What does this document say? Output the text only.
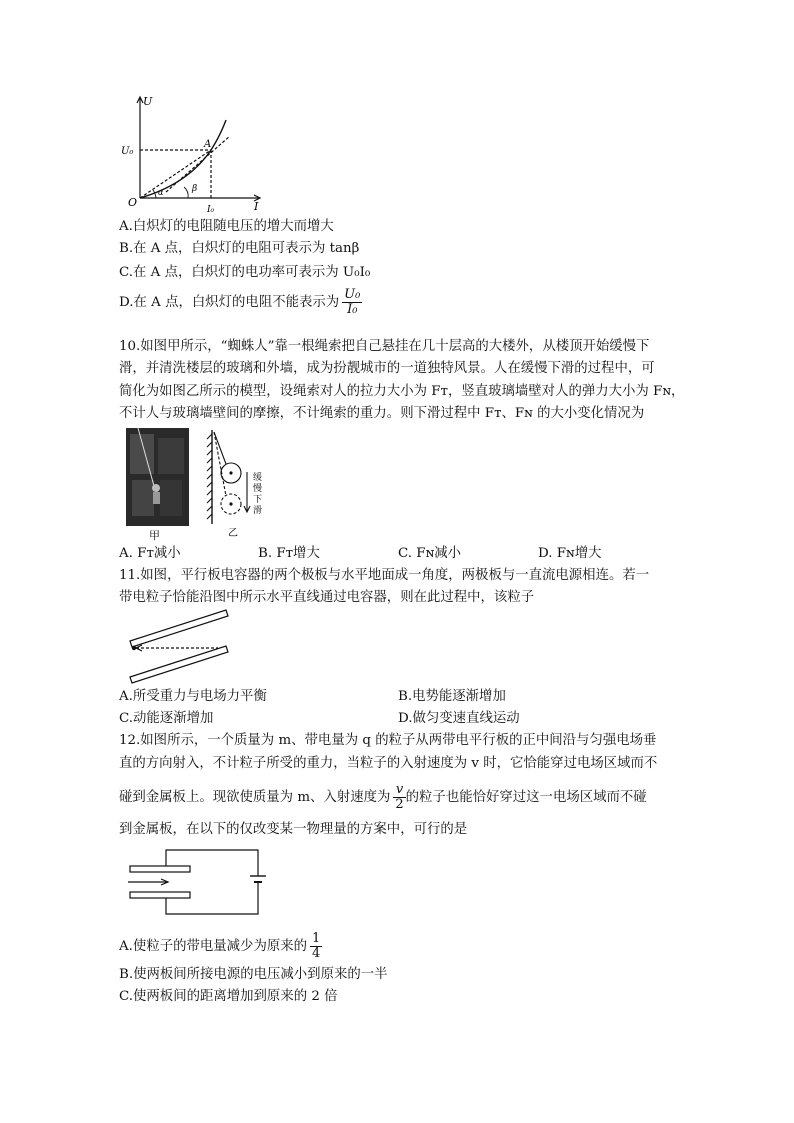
U
I
O
U₀
I₀
A
α	β
A.白炽灯的电阻随电压的增大而增大
B.在 A 点，白炽灯的电阻可表示为 tanβ
C.在 A 点，白炽灯的电功率可表示为 U₀I₀
D.在 A 点，白炽灯的电阻不能表示为 $\frac{\text{U₀}}{\text{I₀}}$
10.如图甲所示，“蜘蛛人”靠一根绳索把自己悬挂在几十层高的大楼外，从楼顶开始缓慢下
滑，并清洗楼层的玻璃和外墙，成为扮靓城市的一道独特风景。人在缓慢下滑的过程中，可
简化为如图乙所示的模型，设绳索对人的拉力大小为 Fᴛ，竖直玻璃墙壁对人的弹力大小为 Fɴ，
不计人与玻璃墙壁间的摩擦，不计绳索的重力。则下滑过程中 Fᴛ、Fɴ 的大小变化情况为
甲
缓
慢
下
滑
乙
A. Fᴛ减小	B. Fᴛ增大	C. Fɴ减小	D. Fɴ增大
11.如图，平行板电容器的两个极板与水平地面成一角度，两极板与一直流电源相连。若一
带电粒子恰能沿图中所示水平直线通过电容器，则在此过程中，该粒子
A.所受重力与电场力平衡	B.电势能逐渐增加
C.动能逐渐增加	D.做匀变速直线运动
12.如图所示，一个质量为 m、带电量为 q 的粒子从两带电平行板的正中间沿与匀强电场垂
直的方向射入，不计粒子所受的重力，当粒子的入射速度为 v 时，它恰能穿过电场区域而不
碰到金属板上。现欲使质量为 m、入射速度为 $\frac{v}{2}$ 的粒子也能恰好穿过这一电场区域而不碰
到金属板，在以下的仅改变某一物理量的方案中，可行的是
A.使粒子的带电量减少为原来的 $\frac{1}{4}$
B.使两板间所接电源的电压减小到原来的一半
C.使两板间的距离增加到原来的 2 倍
